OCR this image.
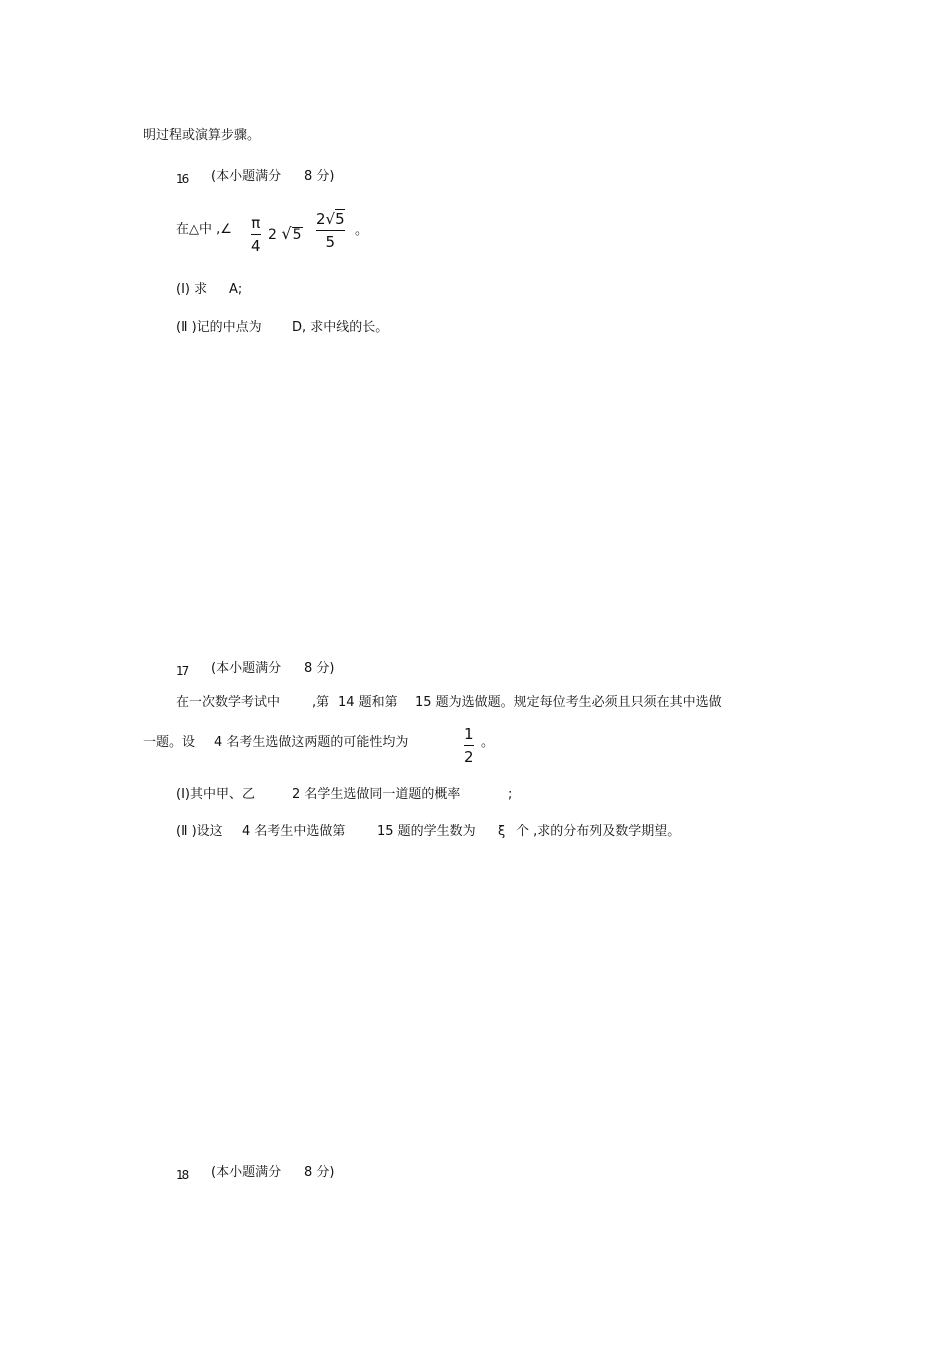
明过程或演算步骤。
16 (本小题满分 8 分)
在△中 ,∠ π
4
2 √5
2√5
5
。
(Ⅰ) 求 A;
(Ⅱ )记的中点为 D, 求中线的长。
17 (本小题满分 8 分)
在一次数学考试中 ,第 14 题和第 15 题为选做题。规定每位考生必须且只须在其中选做
一题。设 4 名考生选做这两题的可能性均为	1
2
。
(Ⅰ)其中甲、乙	2 名学生选做同一道题的概率	;
(Ⅱ )设这 4 名考生中选做第 15 题的学生数为 ξ 个 ,求的分布列及数学期望。
18 (本小题满分 8 分)
